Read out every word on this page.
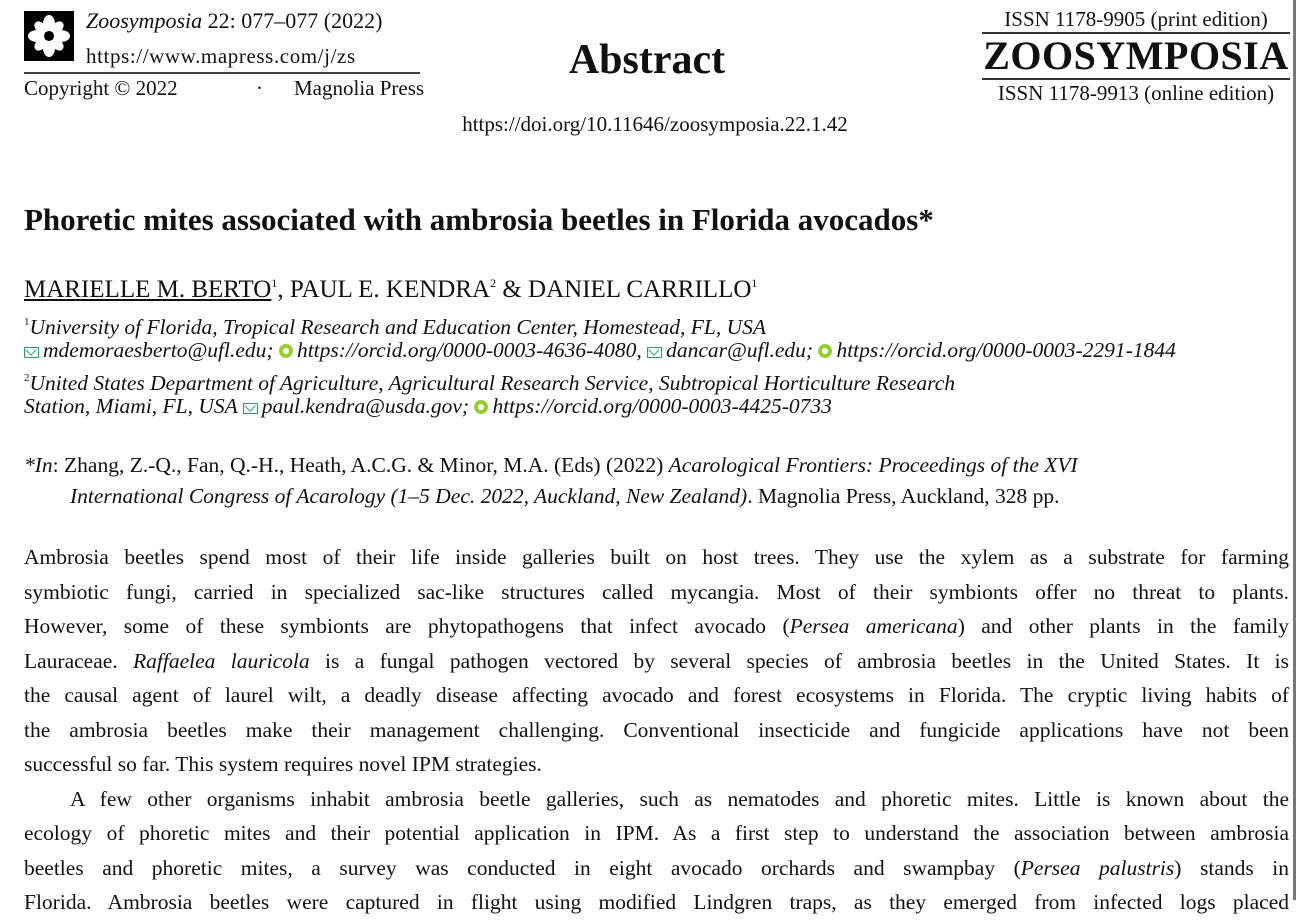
Zoosymposia 22: 077–077 (2022)
https://www.mapress.com/j/zs
Copyright © 2022	· Magnolia Press
Abstract
https://doi.org/10.11646/zoosymposia.22.1.42
ISSN 1178-9905 (print edition)
ZOOSYMPOSIA
ISSN 1178-9913 (online edition)
Phoretic mites associated with ambrosia beetles in Florida avocados*
MARIELLE M. BERTO$^1$, PAUL E. KENDRA$^2$ & DANIEL CARRILLO$^1$
$^1$University of Florida, Tropical Research and Education Center, Homestead, FL, USA
mdemoraesberto@ufl.edu; https://orcid.org/0000-0003-4636-4080, dancar@ufl.edu; https://orcid.org/0000-0003-2291-1844
$^2$United States Department of Agriculture, Agricultural Research Service, Subtropical Horticulture Research
Station, Miami, FL, USA paul.kendra@usda.gov; https://orcid.org/0000-0003-4425-0733
*In: Zhang, Z.-Q., Fan, Q.-H., Heath, A.C.G. & Minor, M.A. (Eds) (2022) Acarological Frontiers: Proceedings of the XVI
International Congress of Acarology (1–5 Dec. 2022, Auckland, New Zealand). Magnolia Press, Auckland, 328 pp.
Ambrosia beetles spend most of their life inside galleries built on host trees. They use the xylem as a substrate for farming
symbiotic fungi, carried in specialized sac-like structures called mycangia. Most of their symbionts offer no threat to plants.
However, some of these symbionts are phytopathogens that infect avocado (Persea americana) and other plants in the family
Lauraceae. Raffaelea lauricola is a fungal pathogen vectored by several species of ambrosia beetles in the United States. It is
the causal agent of laurel wilt, a deadly disease affecting avocado and forest ecosystems in Florida. The cryptic living habits of
the ambrosia beetles make their management challenging. Conventional insecticide and fungicide applications have not been
successful so far. This system requires novel IPM strategies.
A few other organisms inhabit ambrosia beetle galleries, such as nematodes and phoretic mites. Little is known about the
ecology of phoretic mites and their potential application in IPM. As a first step to understand the association between ambrosia
beetles and phoretic mites, a survey was conducted in eight avocado orchards and swampbay (Persea palustris) stands in
Florida. Ambrosia beetles were captured in flight using modified Lindgren traps, as they emerged from infected logs placed
